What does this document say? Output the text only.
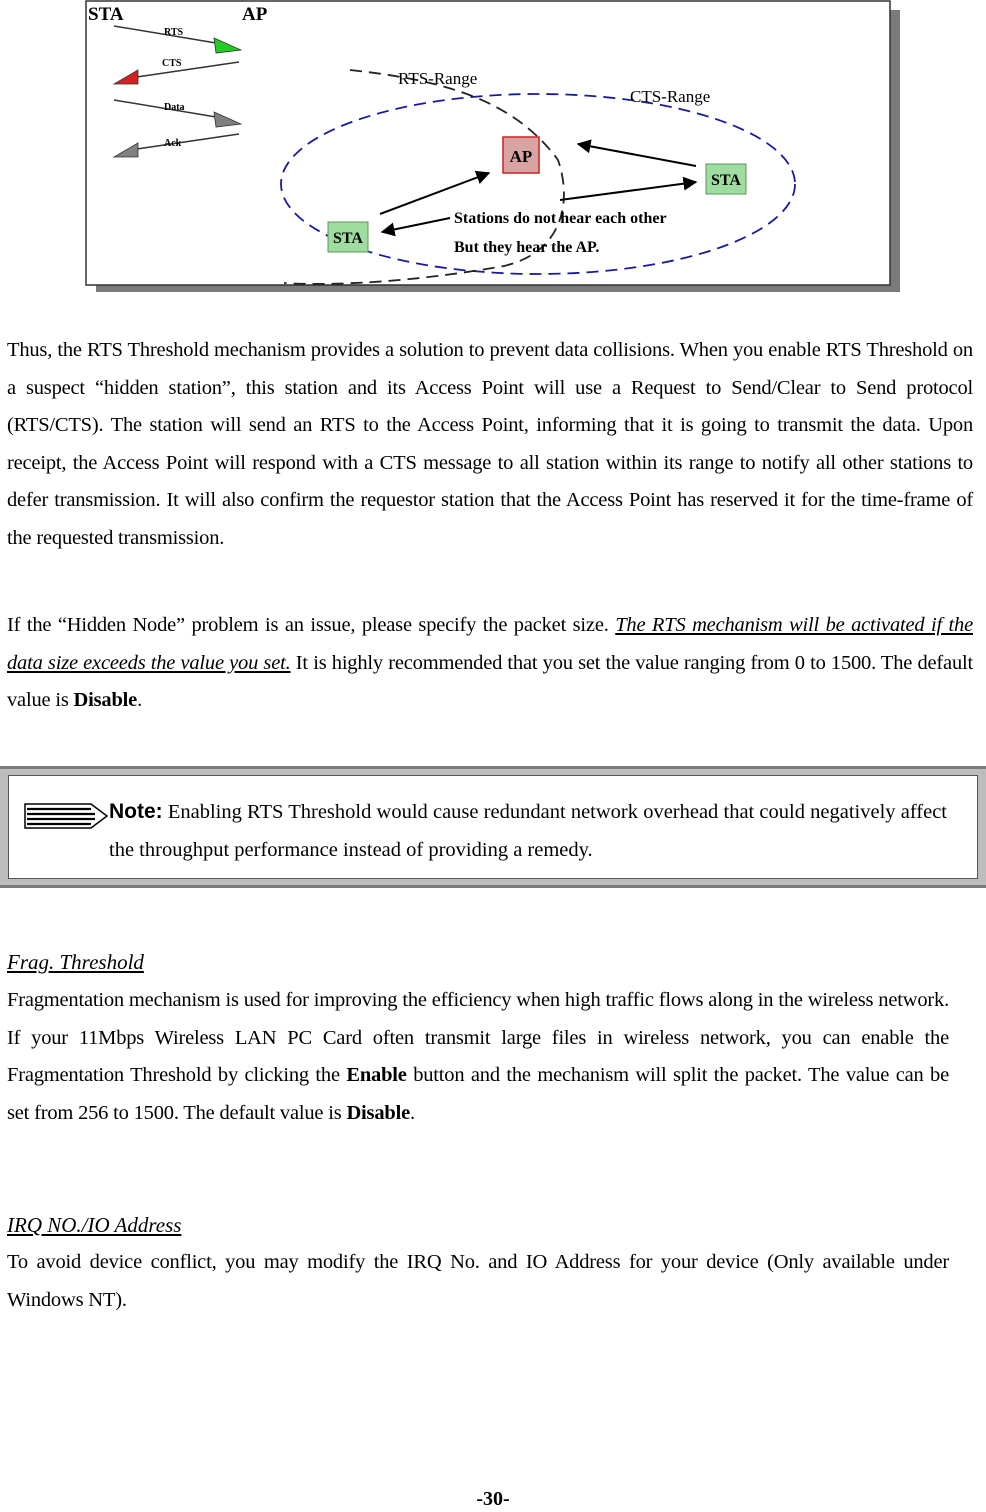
STA	AP
RTS
CTS
Data
Ack
CTS-Range
RTS-Range
AP
STA
STA
Stations do not hear each other
But they hear the AP.

Thus, the RTS Threshold mechanism provides a solution to prevent data collisions. When you enable RTS Threshold on a suspect “hidden station”, this station and its Access Point will use a Request to Send/Clear to Send protocol (RTS/CTS). The station will send an RTS to the Access Point, informing that it is going to transmit the data. Upon receipt, the Access Point will respond with a CTS message to all station within its range to notify all other stations to defer transmission. It will also confirm the requestor station that the Access Point has reserved it for the time-frame of the requested transmission.

If the “Hidden Node” problem is an issue, please specify the packet size. The RTS mechanism will be activated if the data size exceeds the value you set. It is highly recommended that you set the value ranging from 0 to 1500. The default value is Disable.

Note: Enabling RTS Threshold would cause redundant network overhead that could negatively affect the throughput performance instead of providing a remedy.

Frag. Threshold

Fragmentation mechanism is used for improving the efficiency when high traffic flows along in the wireless network. If your 11Mbps Wireless LAN PC Card often transmit large files in wireless network, you can enable the Fragmentation Threshold by clicking the Enable button and the mechanism will split the packet. The value can be set from 256 to 1500. The default value is Disable.

IRQ NO./IO Address

To avoid device conflict, you may modify the IRQ No. and IO Address for your device (Only available under Windows NT).

-30-
